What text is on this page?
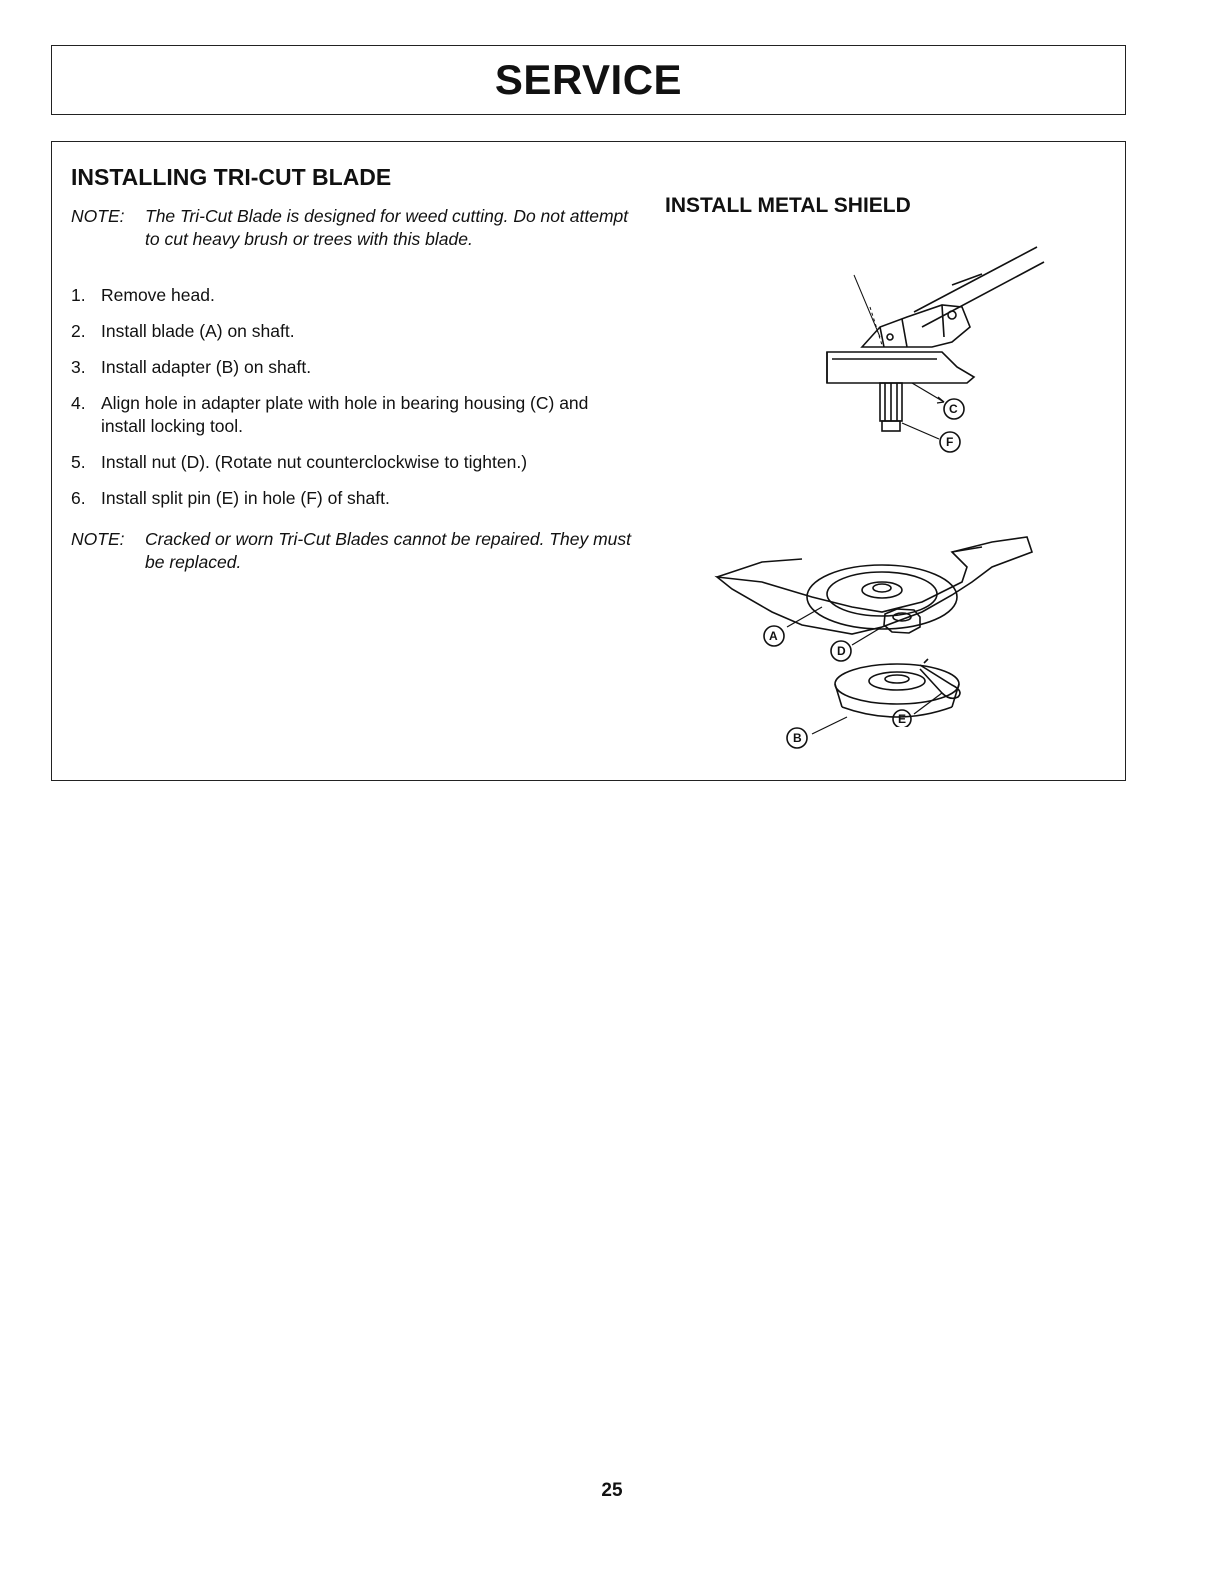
SERVICE
INSTALLING TRI-CUT BLADE
NOTE: The Tri-Cut Blade is designed for weed cutting. Do not attempt to cut heavy brush or trees with this blade.
1. Remove head.
2. Install blade (A) on shaft.
3. Install adapter (B) on shaft.
4. Align hole in adapter plate with hole in bearing housing (C) and install locking tool.
5. Install nut (D). (Rotate nut counterclockwise to tighten.)
6. Install split pin (E) in hole (F) of shaft.
NOTE: Cracked or worn Tri-Cut Blades cannot be repaired. They must be replaced.
INSTALL METAL SHIELD
C
F
A
B
D
E
25
